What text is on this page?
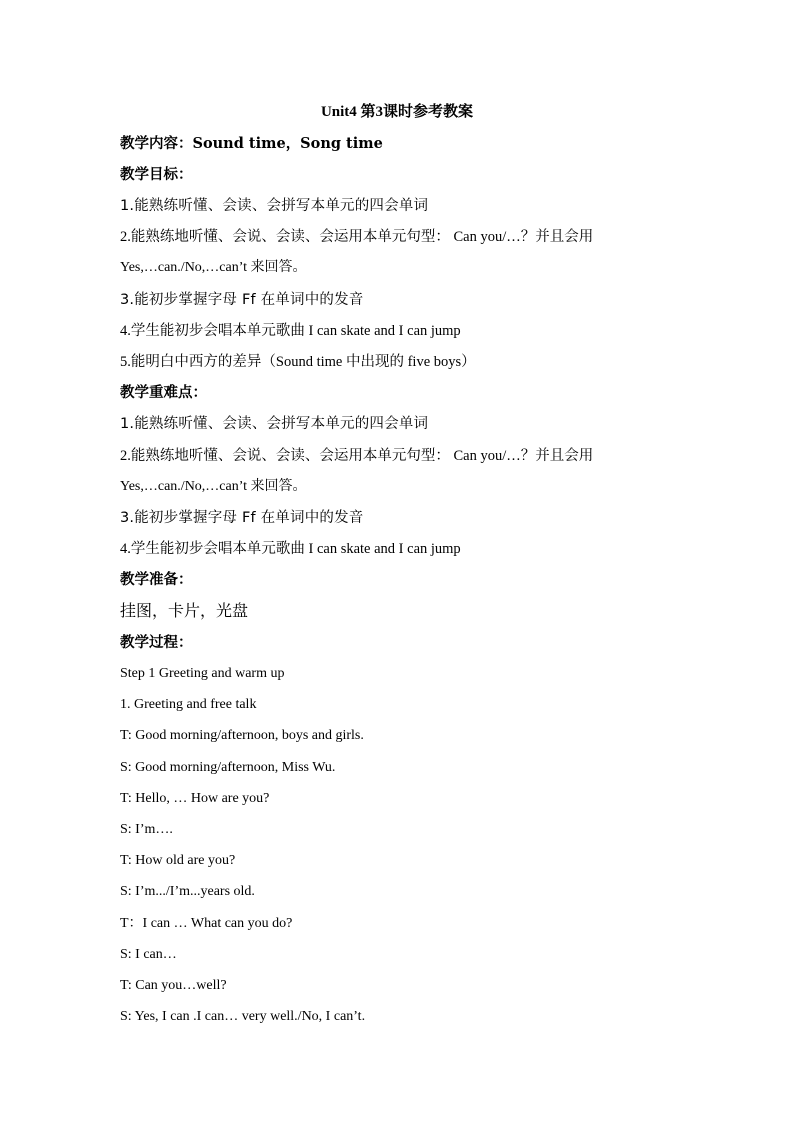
Unit4 第3课时参考教案
教学内容：Sound time，Song time
教学目标：
1.能熟练听懂、会读、会拼写本单元的四会单词
2.能熟练地听懂、会说、会读、会运用本单元句型： Can you/…？并且会用
Yes,…can./No,…can’t 来回答。
3.能初步掌握字母 Ff 在单词中的发音
4.学生能初步会唱本单元歌曲 I can skate and I can jump
5.能明白中西方的差异（Sound time 中出现的 five boys）
教学重难点：
1.能熟练听懂、会读、会拼写本单元的四会单词
2.能熟练地听懂、会说、会读、会运用本单元句型： Can you/…？并且会用
Yes,…can./No,…can’t 来回答。
3.能初步掌握字母 Ff 在单词中的发音
4.学生能初步会唱本单元歌曲 I can skate and I can jump
教学准备：
挂图，卡片，光盘
教学过程：
Step 1 Greeting and warm up
1. Greeting and free talk
T: Good morning/afternoon, boys and girls.
S: Good morning/afternoon, Miss Wu.
T: Hello, … How are you?
S: I’m….
T: How old are you?
S: I’m.../I’m...years old.
T：I can … What can you do?
S: I can…
T: Can you…well?
S: Yes, I can .I can… very well./No, I can’t.
